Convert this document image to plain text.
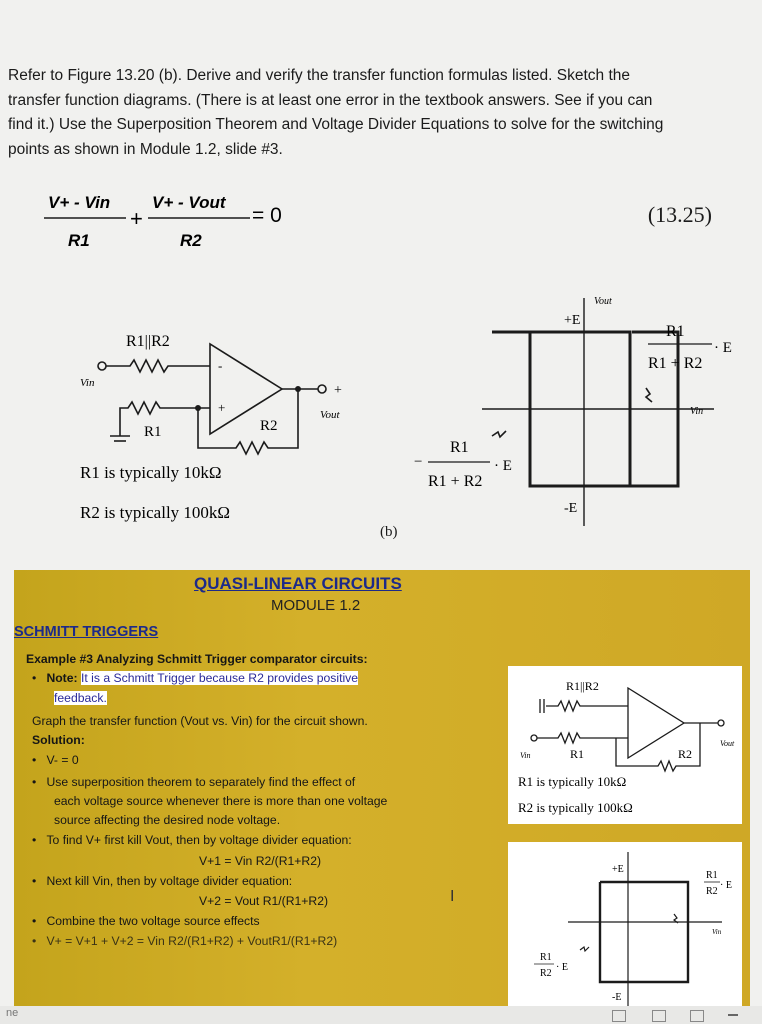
Refer to Figure 13.20 (b). Derive and verify the transfer function formulas listed. Sketch the
transfer function diagrams. (There is at least one error in the textbook answers. See if you can
find it.) Use the Superposition Theorem and Voltage Divider Equations to solve for the switching
points as shown in Module 1.2, slide #3.
V+ - Vin
R1
+
V+ - Vout
R2
= 0	(13.25)
R1||R2
Vin
R1	R2
-
+	Vout
+
R1 is typically 10kΩ
R2 is typically 100kΩ
Vout
+E
-E
Vin
R1
R1 + R2
· E
−
R1
R1 + R2
· E
(b)
QUASI-LINEAR CIRCUITS
MODULE 1.2
SCHMITT TRIGGERS
Example #3 Analyzing Schmitt Trigger comparator circuits:
•   Note: It is a Schmitt Trigger because R2 provides positive
feedback.
Graph the transfer function (Vout vs. Vin) for the circuit shown.
Solution:
•   V- = 0
•   Use superposition theorem to separately find the effect of
each voltage source whenever there is more than one voltage
source affecting the desired node voltage.
•   To find V+ first kill Vout, then by voltage divider equation:
V+1 = Vin R2/(R1+R2)
•   Next kill Vin, then by voltage divider equation:
V+2 = Vout R1/(R1+R2)
•   Combine the two voltage source effects
•   V+ = V+1 + V+2 = Vin R2/(R1+R2) + VoutR1/(R1+R2)
I
R1||R2
Vin	R1	R2
Vout
R1 is typically 10kΩ
R2 is typically 100kΩ
+E
-E
Vin
R1
R2
· E
R1
R2
· E
ne
